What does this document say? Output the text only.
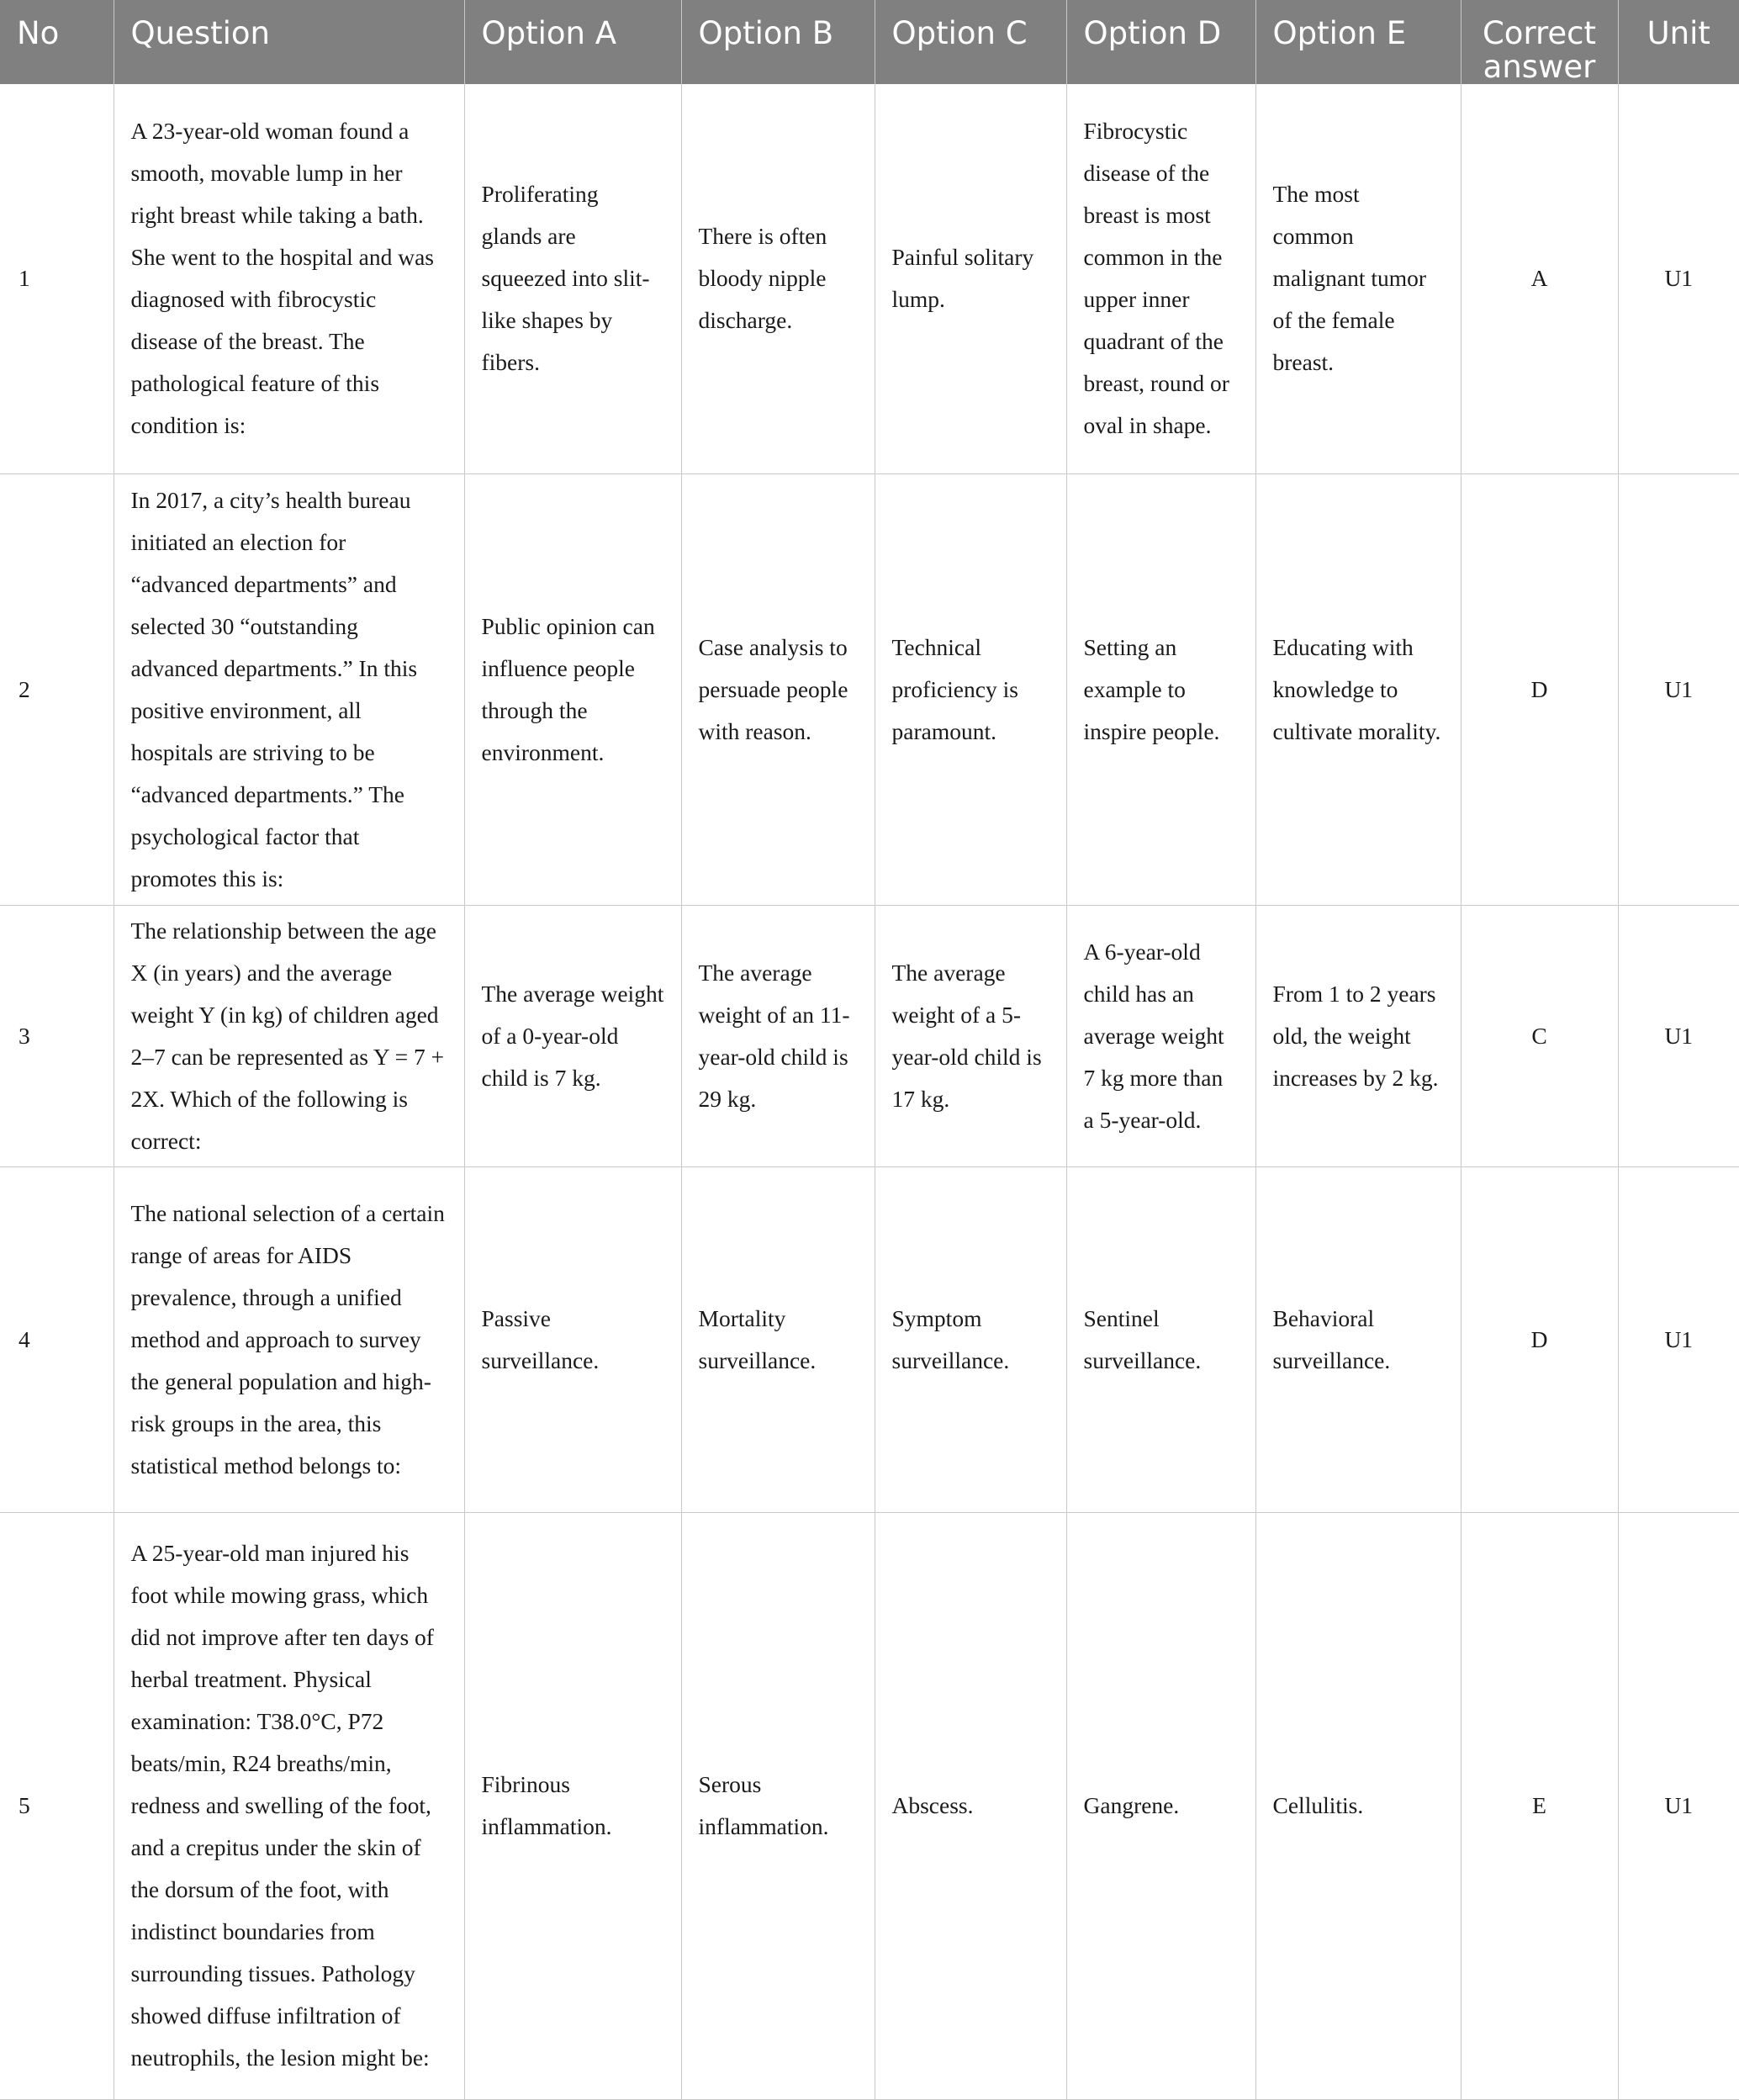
No	Question	Option A	Option B	Option C	Option D	Option E	Correct answer	Unit
1	A 23-year-old woman found a smooth, movable lump in her right breast while taking a bath. She went to the hospital and was diagnosed with fibrocystic disease of the breast. The pathological feature of this condition is:	Proliferating glands are squeezed into slit-like shapes by fibers.	There is often bloody nipple discharge.	Painful solitary lump.	Fibrocystic disease of the breast is most common in the upper inner quadrant of the breast, round or oval in shape.	The most common malignant tumor of the female breast.	A	U1
2	In 2017, a city’s health bureau initiated an election for “advanced departments” and selected 30 “outstanding advanced departments.” In this positive environment, all hospitals are striving to be “advanced departments.” The psychological factor that promotes this is:	Public opinion can influence people through the environment.	Case analysis to persuade people with reason.	Technical proficiency is paramount.	Setting an example to inspire people.	Educating with knowledge to cultivate morality.	D	U1
3	The relationship between the age X (in years) and the average weight Y (in kg) of children aged 2–7 can be represented as Y = 7 + 2X. Which of the following is correct:	The average weight of a 0-year-old child is 7 kg.	The average weight of an 11-year-old child is 29 kg.	The average weight of a 5-year-old child is 17 kg.	A 6-year-old child has an average weight 7 kg more than a 5-year-old.	From 1 to 2 years old, the weight increases by 2 kg.	C	U1
4	The national selection of a certain range of areas for AIDS prevalence, through a unified method and approach to survey the general population and high-risk groups in the area, this statistical method belongs to:	Passive surveillance.	Mortality surveillance.	Symptom surveillance.	Sentinel surveillance.	Behavioral surveillance.	D	U1
5	A 25-year-old man injured his foot while mowing grass, which did not improve after ten days of herbal treatment. Physical examination: T38.0°C, P72 beats/min, R24 breaths/min, redness and swelling of the foot, and a crepitus under the skin of the dorsum of the foot, with indistinct boundaries from surrounding tissues. Pathology showed diffuse infiltration of neutrophils, the lesion might be:	Fibrinous inflammation.	Serous inflammation.	Abscess.	Gangrene.	Cellulitis.	E	U1
